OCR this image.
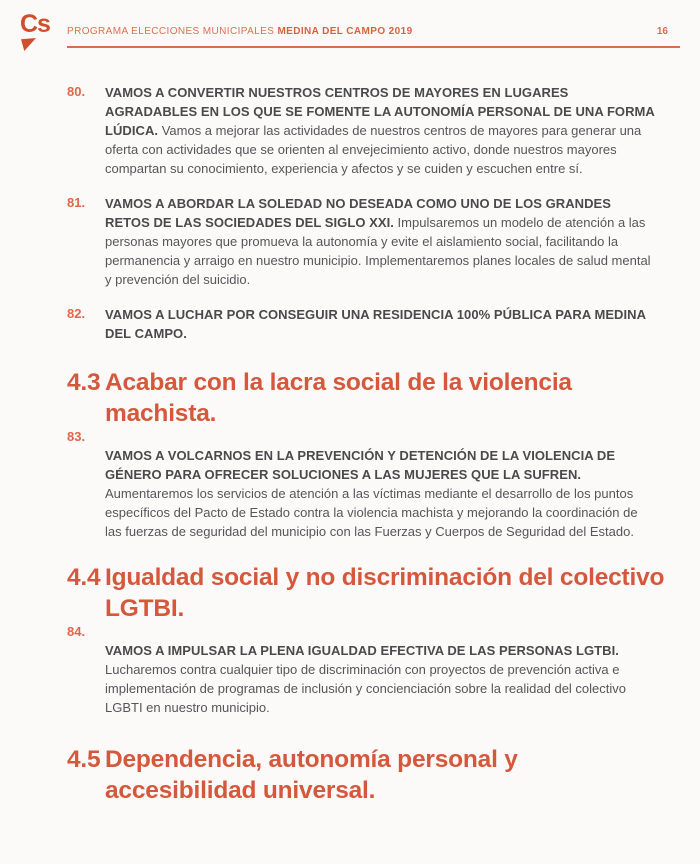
Cs	PROGRAMA ELECCIONES MUNICIPALES MEDINA DEL CAMPO 2019	16
80.	VAMOS A CONVERTIR NUESTROS CENTROS DE MAYORES EN LUGARES AGRADABLES EN LOS QUE SE FOMENTE LA AUTONOMÍA PERSONAL DE UNA FORMA LÚDICA. Vamos a mejorar las actividades de nuestros centros de mayores para generar una oferta con actividades que se orienten al envejecimiento activo, donde nuestros mayores compartan su conocimiento, experiencia y afectos y se cuiden y escuchen entre sí.

81.	VAMOS A ABORDAR LA SOLEDAD NO DESEADA COMO UNO DE LOS GRANDES RETOS DE LAS SOCIEDADES DEL SIGLO XXI. Impulsaremos un modelo de atención a las personas mayores que promueva la autonomía y evite el aislamiento social, facilitando la permanencia y arraigo en nuestro municipio. Implementaremos planes locales de salud mental y prevención del suicidio.

82.	VAMOS A LUCHAR POR CONSEGUIR UNA RESIDENCIA 100% PÚBLICA PARA MEDINA DEL CAMPO.

4.3 Acabar con la lacra social de la violencia machista.
83.

VAMOS A VOLCARNOS EN LA PREVENCIÓN Y DETENCIÓN DE LA VIOLENCIA DE GÉNERO PARA OFRECER SOLUCIONES A LAS MUJERES QUE LA SUFREN. Aumentaremos los servicios de atención a las víctimas mediante el desarrollo de los puntos específicos del Pacto de Estado contra la violencia machista y mejorando la coordinación de las fuerzas de seguridad del municipio con las Fuerzas y Cuerpos de Seguridad del Estado.

4.4 Igualdad social y no discriminación del colectivo LGTBI.
84.

VAMOS A IMPULSAR LA PLENA IGUALDAD EFECTIVA DE LAS PERSONAS LGTBI. Lucharemos contra cualquier tipo de discriminación con proyectos de prevención activa e implementación de programas de inclusión y concienciación sobre la realidad del colectivo LGBTI en nuestro municipio.

4.5 Dependencia, autonomía personal y accesibilidad universal.
